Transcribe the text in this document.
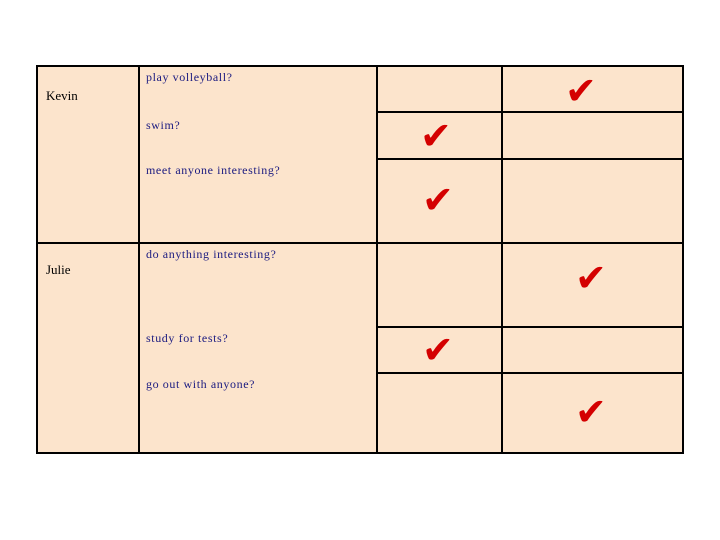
Kevin
Julie
play volleyball?
swim?
meet anyone interesting?
do anything interesting?
study for tests?
go out with anyone?
✔
✔
✔
✔
✔
✔
